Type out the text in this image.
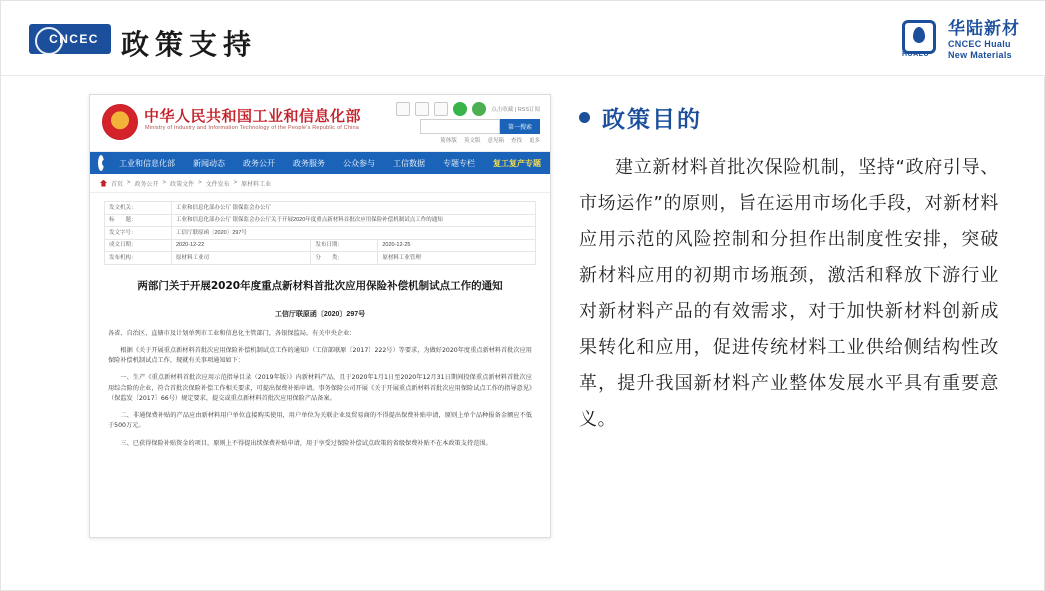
CNCEC 政策支持	HUALU
华陆新材
CNCEC Hualu
New Materials
中华人民共和国工业和信息化部
Ministry of Industry and Information Technology of the People's Republic of China
点击收藏 | RSS订阅
第一搜索
简体版 英文版 意见箱 查找 更多
工业和信息化部	新闻动态	政务公开	政务服务	公众参与	工信数据	专题专栏	复工复产专题
首页 > 政务公开 > 政策文件 > 文件发布 > 原材料工业
发文机关：	工业和信息化部办公厅 银保监会办公厅		
标　　题：	工业和信息化部办公厅 银保监会办公厅关于开展2020年度重点新材料首批次应用保险补偿机制试点工作的通知		
发文字号：	工信厅联原函〔2020〕297号		
成文日期：	2020-12-22	发布日期：	2020-12-25
发布机构：	原材料工业司	分　　类：	原材料工业管理
两部门关于开展2020年度重点新材料首批次应用保险补偿机制试点工作的通知
工信厅联原函〔2020〕297号

各省、自治区、直辖市及计划单列市工业和信息化主管部门，各银保监局，有关中央企业：

根据《关于开展重点新材料首批次应用保险补偿机制试点工作的通知》（工信部联原〔2017〕222号）等要求，为做好2020年度重点新材料首批次应用保险补偿机制试点工作，现就有关事项通知如下：

一、生产《重点新材料首批次应用示范指导目录（2019年版）》内新材料产品，且于2020年1月1日至2020年12月31日期间投保重点新材料首批次应用综合险的企业，符合首批次保险补偿工作相关要求，可提出保费补贴申请。事务保险公司开展《关于开展重点新材料首批次应用保险试点工作的指导意见》（保监发〔2017〕66号）规定要求，提交或重点新材料首批次应用保险产品备案。

二、非通保费补贴的产品应由新材料用户单位直接购买使用，用户单位为关联企业及贸易商的不得提出保费补贴申请，原则上单个品种报备金额应不低于500万元。

三、已获得保险补贴资金的项目，原则上不得提出续保费补贴申请，用于享受过保险补偿试点政策的省级保费补贴不在本政策支持范围。

政策目的
建立新材料首批次保险机制，坚持“政府引导、市场运作”的原则，旨在运用市场化手段，对新材料应用示范的风险控制和分担作出制度性安排，突破新材料应用的初期市场瓶颈，激活和释放下游行业对新材料产品的有效需求，对于加快新材料创新成果转化和应用，促进传统材料工业供给侧结构性改革，提升我国新材料产业整体发展水平具有重要意义。
